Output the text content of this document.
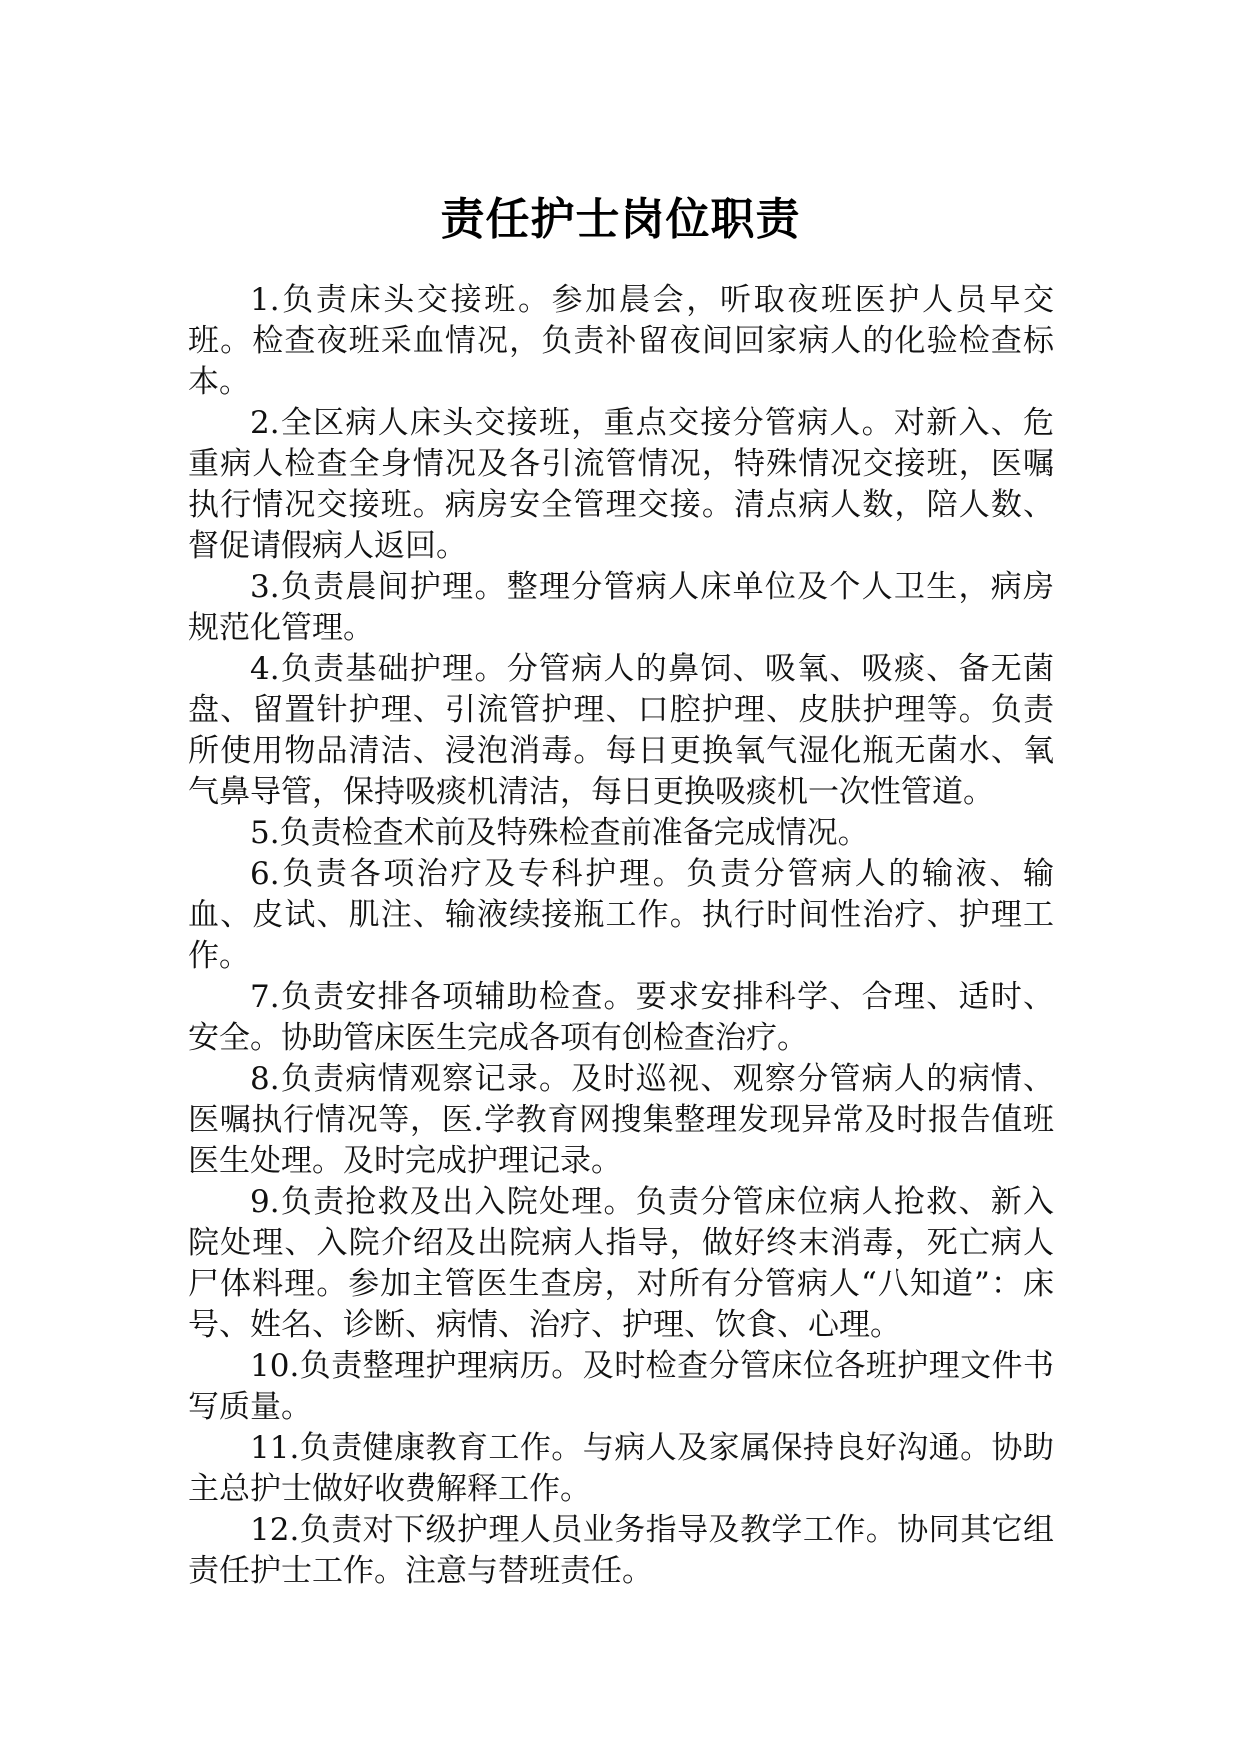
责任护士岗位职责

1.负责床头交接班。参加晨会，听取夜班医护人员早交班。检查夜班采血情况，负责补留夜间回家病人的化验检查标本。

2.全区病人床头交接班，重点交接分管病人。对新入、危重病人检查全身情况及各引流管情况，特殊情况交接班，医嘱执行情况交接班。病房安全管理交接。清点病人数，陪人数、督促请假病人返回。

3.负责晨间护理。整理分管病人床单位及个人卫生，病房规范化管理。

4.负责基础护理。分管病人的鼻饲、吸氧、吸痰、备无菌盘、留置针护理、引流管护理、口腔护理、皮肤护理等。负责所使用物品清洁、浸泡消毒。每日更换氧气湿化瓶无菌水、氧气鼻导管，保持吸痰机清洁，每日更换吸痰机一次性管道。

5.负责检查术前及特殊检查前准备完成情况。

6.负责各项治疗及专科护理。负责分管病人的输液、输血、皮试、肌注、输液续接瓶工作。执行时间性治疗、护理工作。

7.负责安排各项辅助检查。要求安排科学、合理、适时、安全。协助管床医生完成各项有创检查治疗。

8.负责病情观察记录。及时巡视、观察分管病人的病情、医嘱执行情况等，医.学教育网搜集整理发现异常及时报告值班医生处理。及时完成护理记录。

9.负责抢救及出入院处理。负责分管床位病人抢救、新入院处理、入院介绍及出院病人指导，做好终末消毒，死亡病人尸体料理。参加主管医生查房，对所有分管病人“八知道”：床号、姓名、诊断、病情、治疗、护理、饮食、心理。

10.负责整理护理病历。及时检查分管床位各班护理文件书写质量。

11.负责健康教育工作。与病人及家属保持良好沟通。协助主总护士做好收费解释工作。

12.负责对下级护理人员业务指导及教学工作。协同其它组责任护士工作。注意与替班责任。
